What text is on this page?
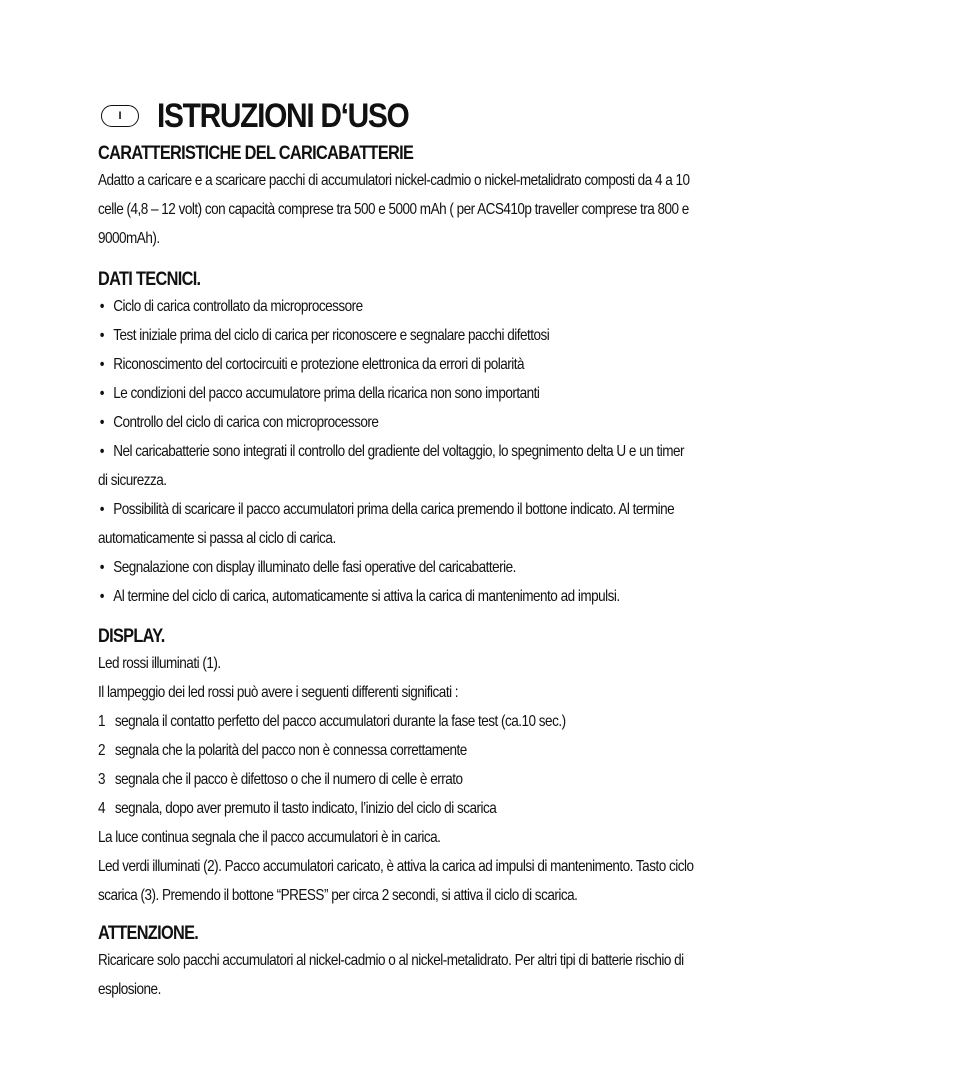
I	ISTRUZIONI D‘USO
CARATTERISTICHE DEL CARICABATTERIE
Adatto a caricare e a scaricare pacchi di accumulatori nickel-cadmio o nickel-metalidrato composti da 4 a 10
celle (4,8 – 12 volt) con capacità comprese tra 500 e 5000 mAh ( per ACS410p traveller comprese tra 800 e
9000mAh).
DATI TECNICI.
• Ciclo di carica controllato da microprocessore
• Test iniziale prima del ciclo di carica per riconoscere e segnalare pacchi difettosi
• Riconoscimento del cortocircuiti e protezione elettronica da errori di polarità
• Le condizioni del pacco accumulatore prima della ricarica non sono importanti
• Controllo del ciclo di carica con microprocessore
• Nel caricabatterie sono integrati il controllo del gradiente del voltaggio, lo spegnimento delta U e un timer
di sicurezza.
• Possibilità di scaricare il pacco accumulatori prima della carica premendo il bottone indicato. Al termine
automaticamente si passa al ciclo di carica.
• Segnalazione con display illuminato delle fasi operative del caricabatterie.
• Al termine del ciclo di carica, automaticamente si attiva la carica di mantenimento ad impulsi.
DISPLAY.
Led rossi illuminati (1).
Il lampeggio dei led rossi può avere i seguenti differenti significati :
1 segnala il contatto perfetto del pacco accumulatori durante la fase test (ca.10 sec.)
2 segnala che la polarità del pacco non è connessa correttamente
3 segnala che il pacco è difettoso o che il numero di celle è errato
4 segnala, dopo aver premuto il tasto indicato, l’inizio del ciclo di scarica
La luce continua segnala che il pacco accumulatori è in carica.
Led verdi illuminati (2). Pacco accumulatori caricato, è attiva la carica ad impulsi di mantenimento. Tasto ciclo
scarica (3). Premendo il bottone “PRESS” per circa 2 secondi, si attiva il ciclo di scarica.
ATTENZIONE.
Ricaricare solo pacchi accumulatori al nickel-cadmio o al nickel-metalidrato. Per altri tipi di batterie rischio di
esplosione.
